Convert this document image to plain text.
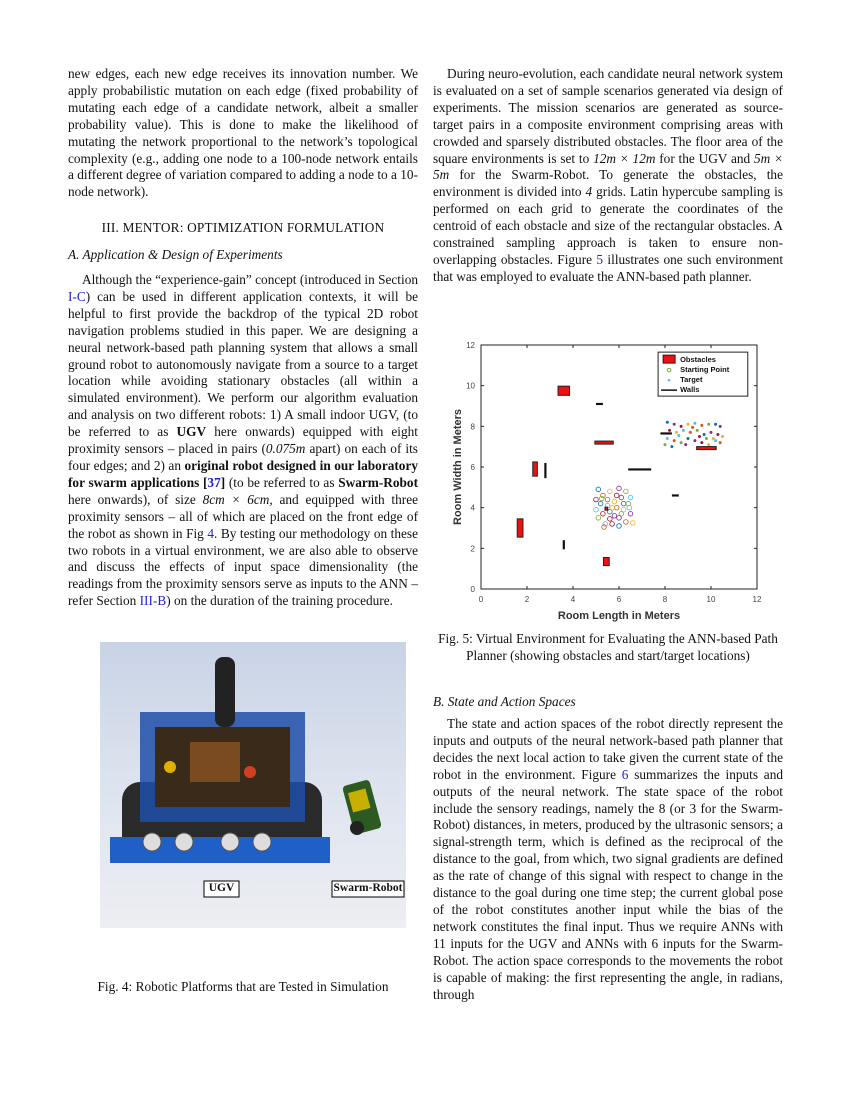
new edges, each new edge receives its innovation number. We apply probabilistic mutation on each edge (fixed probability of mutating each edge of a candidate network, albeit a smaller probability value). This is done to make the likelihood of mutating the network proportional to the network’s topological complexity (e.g., adding one node to a 100-node network entails a different degree of variation compared to adding a node to a 10-node network).

III. MENTOR: OPTIMIZATION FORMULATION
A. Application & Design of Experiments

Although the “experience-gain” concept (introduced in Section I-C) can be used in different application contexts, it will be helpful to first provide the backdrop of the typical 2D robot navigation problems studied in this paper. We are designing a neural network-based path planning system that allows a small ground robot to autonomously navigate from a source to a target location while avoiding stationary obstacles (all within a simulated environment). We perform our algorithm evaluation and analysis on two different robots: 1) A small indoor UGV, (to be referred to as UGV here onwards) equipped with eight proximity sensors – placed in pairs (0.075m apart) on each of its four edges; and 2) an original robot designed in our laboratory for swarm applications [37] (to be referred to as Swarm-Robot here onwards), of size 8cm × 6cm, and equipped with three proximity sensors – all of which are placed on the front edge of the robot as shown in Fig 4. By testing our methodology on these two robots in a virtual environment, we are also able to observe and discuss the effects of input space dimensionality (the readings from the proximity sensors serve as inputs to the ANN – refer Section III-B) on the duration of the training procedure.

UGV	Swarm-Robot
Fig. 4: Robotic Platforms that are Tested in Simulation

During neuro-evolution, each candidate neural network system is evaluated on a set of sample scenarios generated via design of experiments. The mission scenarios are generated as source-target pairs in a composite environment comprising areas with crowded and sparsely distributed obstacles. The floor area of the square environments is set to 12m × 12m for the UGV and 5m × 5m for the Swarm-Robot. To generate the obstacles, the environment is divided into 4 grids. Latin hypercube sampling is performed on each grid to generate the coordinates of the centroid of each obstacle and size of the rectangular obstacles. A constrained sampling approach is taken to ensure non-overlapping obstacles. Figure 5 illustrates one such environment that was employed to evaluate the ANN-based path planner.

0	2	4	6	8	10	12
0
2
4
6
8
10
12
Room Length in Meters
Room Width in Meters
Obstacles
Starting Point
Target
Walls
Fig. 5: Virtual Environment for Evaluating the ANN-based Path Planner (showing obstacles and start/target locations)
B. State and Action Spaces

The state and action spaces of the robot directly represent the inputs and outputs of the neural network-based path planner that decides the next local action to take given the current state of the robot in the environment. Figure 6 summarizes the inputs and outputs of the neural network. The state space of the robot include the sensory readings, namely the 8 (or 3 for the Swarm-Robot) distances, in meters, produced by the ultrasonic sensors; a signal-strength term, which is defined as the reciprocal of the distance to the goal, from which, two signal gradients are defined as the rate of change of this signal with respect to change in the distance to the goal during one time step; the current global pose of the robot constitutes another input while the bias of the network constitutes the final input. Thus we require ANNs with 11 inputs for the UGV and ANNs with 6 inputs for the Swarm-Robot. The action space corresponds to the movements the robot is capable of making: the first representing the angle, in radians, through
